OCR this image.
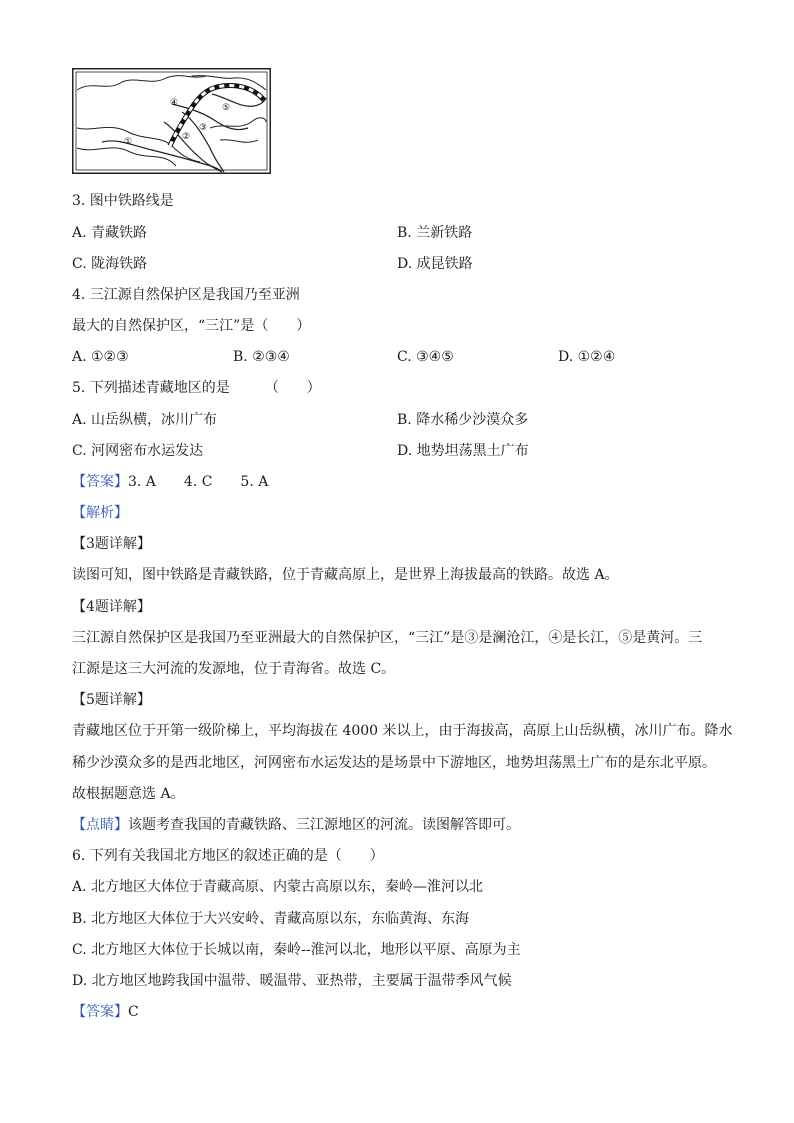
①	②
③
④	⑤
3. 图中铁路线是
A. 青藏铁路	B. 兰新铁路
C. 陇海铁路	D. 成昆铁路
4. 三江源自然保护区是我国乃至亚洲
最大的自然保护区，“三江”是（　　）
A. ①②③	B. ②③④	C. ③④⑤	D. ①②④
5. 下列描述青藏地区的是　　　（　　）
A. 山岳纵横，冰川广布	B. 降水稀少沙漠众多
C. 河网密布水运发达	D. 地势坦荡黑土广布
【答案】3. A　　4. C　　5. A
【解析】
【3题详解】
读图可知，图中铁路是青藏铁路，位于青藏高原上，是世界上海拔最高的铁路。故选 A。
【4题详解】
三江源自然保护区是我国乃至亚洲最大的自然保护区，“三江”是③是澜沧江，④是长江，⑤是黄河。三
江源是这三大河流的发源地，位于青海省。故选 C。
【5题详解】
青藏地区位于开第一级阶梯上，平均海拔在 4000 米以上，由于海拔高，高原上山岳纵横，冰川广布。降水
稀少沙漠众多的是西北地区，河网密布水运发达的是场景中下游地区，地势坦荡黑土广布的是东北平原。
故根据题意选 A。
【点睛】该题考查我国的青藏铁路、三江源地区的河流。读图解答即可。
6. 下列有关我国北方地区的叙述正确的是（　　）
A. 北方地区大体位于青藏高原、内蒙古高原以东，秦岭—淮河以北
B. 北方地区大体位于大兴安岭、青藏高原以东，东临黄海、东海
C. 北方地区大体位于长城以南，秦岭--淮河以北，地形以平原、高原为主
D. 北方地区地跨我国中温带、暖温带、亚热带，主要属于温带季风气候
【答案】C
